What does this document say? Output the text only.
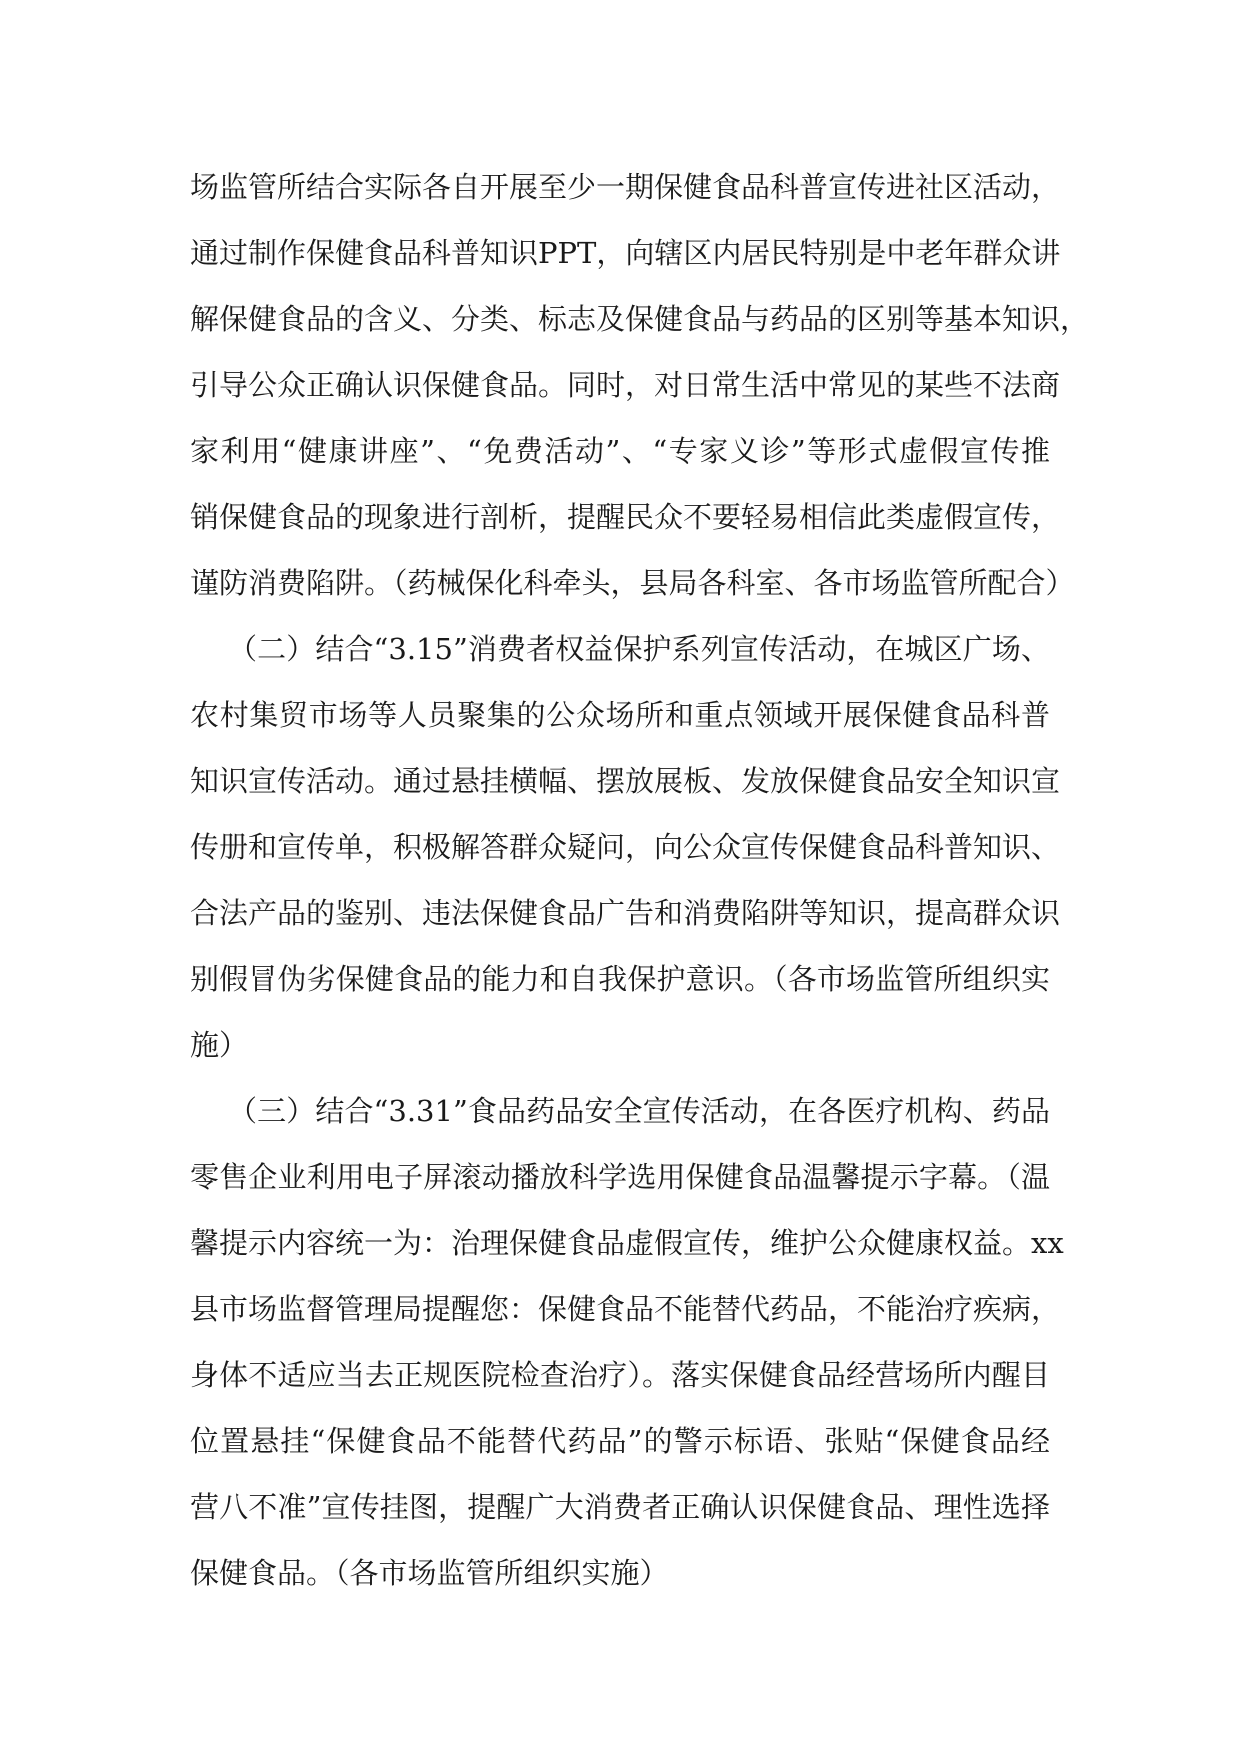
场监管所结合实际各自开展至少一期保健食品科普宣传进社区活动，
通过制作保健食品科普知识PPT，向辖区内居民特别是中老年群众讲
解保健食品的含义、分类、标志及保健食品与药品的区别等基本知识，
引导公众正确认识保健食品。同时，对日常生活中常见的某些不法商
家利用“健康讲座”、“免费活动”、“专家义诊”等形式虚假宣传推
销保健食品的现象进行剖析，提醒民众不要轻易相信此类虚假宣传，
谨防消费陷阱。（药械保化科牵头，县局各科室、各市场监管所配合）
（二）结合“3.15”消费者权益保护系列宣传活动，在城区广场、
农村集贸市场等人员聚集的公众场所和重点领域开展保健食品科普
知识宣传活动。通过悬挂横幅、摆放展板、发放保健食品安全知识宣
传册和宣传单，积极解答群众疑问，向公众宣传保健食品科普知识、
合法产品的鉴别、违法保健食品广告和消费陷阱等知识，提高群众识
别假冒伪劣保健食品的能力和自我保护意识。（各市场监管所组织实
施）
（三）结合“3.31”食品药品安全宣传活动，在各医疗机构、药品
零售企业利用电子屏滚动播放科学选用保健食品温馨提示字幕。（温
馨提示内容统一为：治理保健食品虚假宣传，维护公众健康权益。xx
县市场监督管理局提醒您：保健食品不能替代药品，不能治疗疾病，
身体不适应当去正规医院检查治疗）。落实保健食品经营场所内醒目
位置悬挂“保健食品不能替代药品”的警示标语、张贴“保健食品经
营八不准”宣传挂图，提醒广大消费者正确认识保健食品、理性选择
保健食品。（各市场监管所组织实施）
